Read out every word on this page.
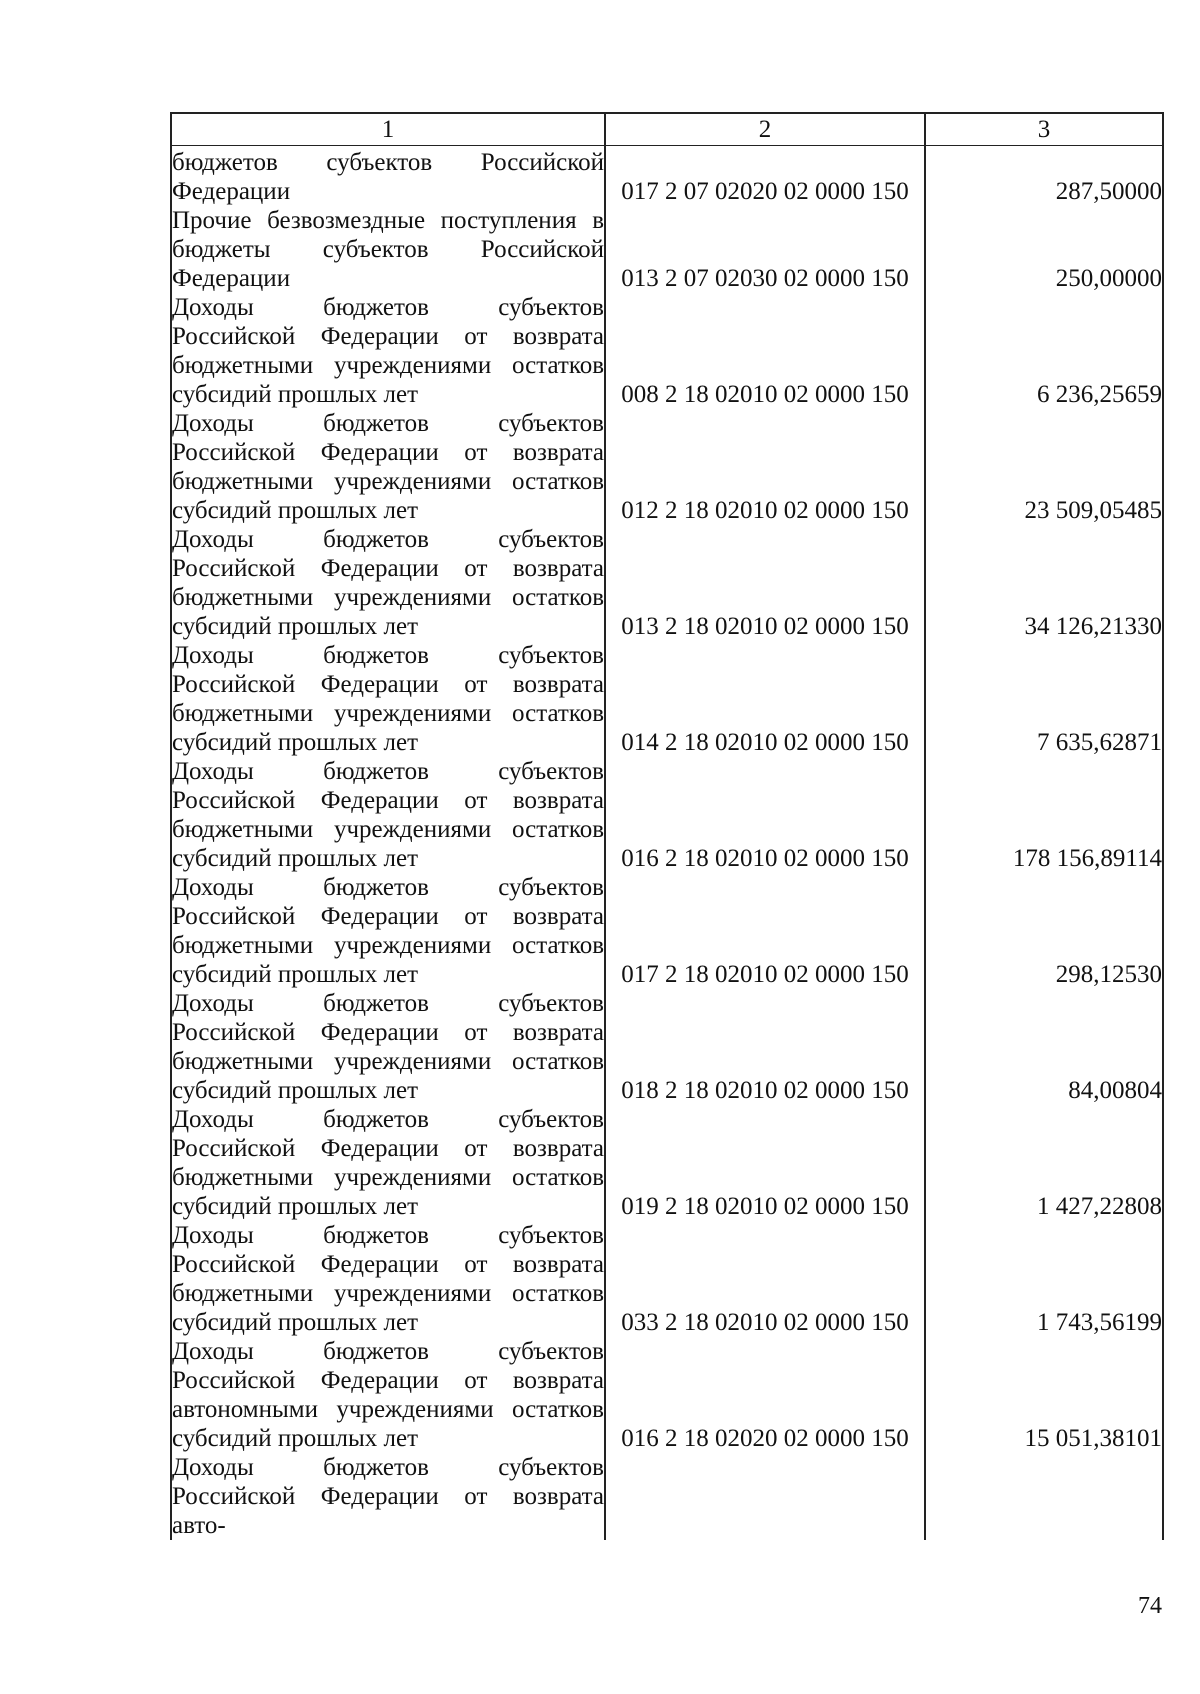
1	2	3
бюджетов субъектов Российской Федерации	017 2 07 02020 02 0000 150	287,50000
Прочие безвозмездные поступления в бюджеты субъектов Российской Федерации	013 2 07 02030 02 0000 150	250,00000
Доходы бюджетов субъектов Российской Федерации от возврата бюджетными учреждениями остатков субсидий прошлых лет	008 2 18 02010 02 0000 150	6 236,25659
Доходы бюджетов субъектов Российской Федерации от возврата бюджетными учреждениями остатков субсидий прошлых лет	012 2 18 02010 02 0000 150	23 509,05485
Доходы бюджетов субъектов Российской Федерации от возврата бюджетными учреждениями остатков субсидий прошлых лет	013 2 18 02010 02 0000 150	34 126,21330
Доходы бюджетов субъектов Российской Федерации от возврата бюджетными учреждениями остатков субсидий прошлых лет	014 2 18 02010 02 0000 150	7 635,62871
Доходы бюджетов субъектов Российской Федерации от возврата бюджетными учреждениями остатков субсидий прошлых лет	016 2 18 02010 02 0000 150	178 156,89114
Доходы бюджетов субъектов Российской Федерации от возврата бюджетными учреждениями остатков субсидий прошлых лет	017 2 18 02010 02 0000 150	298,12530
Доходы бюджетов субъектов Российской Федерации от возврата бюджетными учреждениями остатков субсидий прошлых лет	018 2 18 02010 02 0000 150	84,00804
Доходы бюджетов субъектов Российской Федерации от возврата бюджетными учреждениями остатков субсидий прошлых лет	019 2 18 02010 02 0000 150	1 427,22808
Доходы бюджетов субъектов Российской Федерации от возврата бюджетными учреждениями остатков субсидий прошлых лет	033 2 18 02010 02 0000 150	1 743,56199
Доходы бюджетов субъектов Российской Федерации от возврата автономными учреждениями остатков субсидий прошлых лет	016 2 18 02020 02 0000 150	15 051,38101
Доходы бюджетов субъектов Российской Федерации от возврата авто-		
74
